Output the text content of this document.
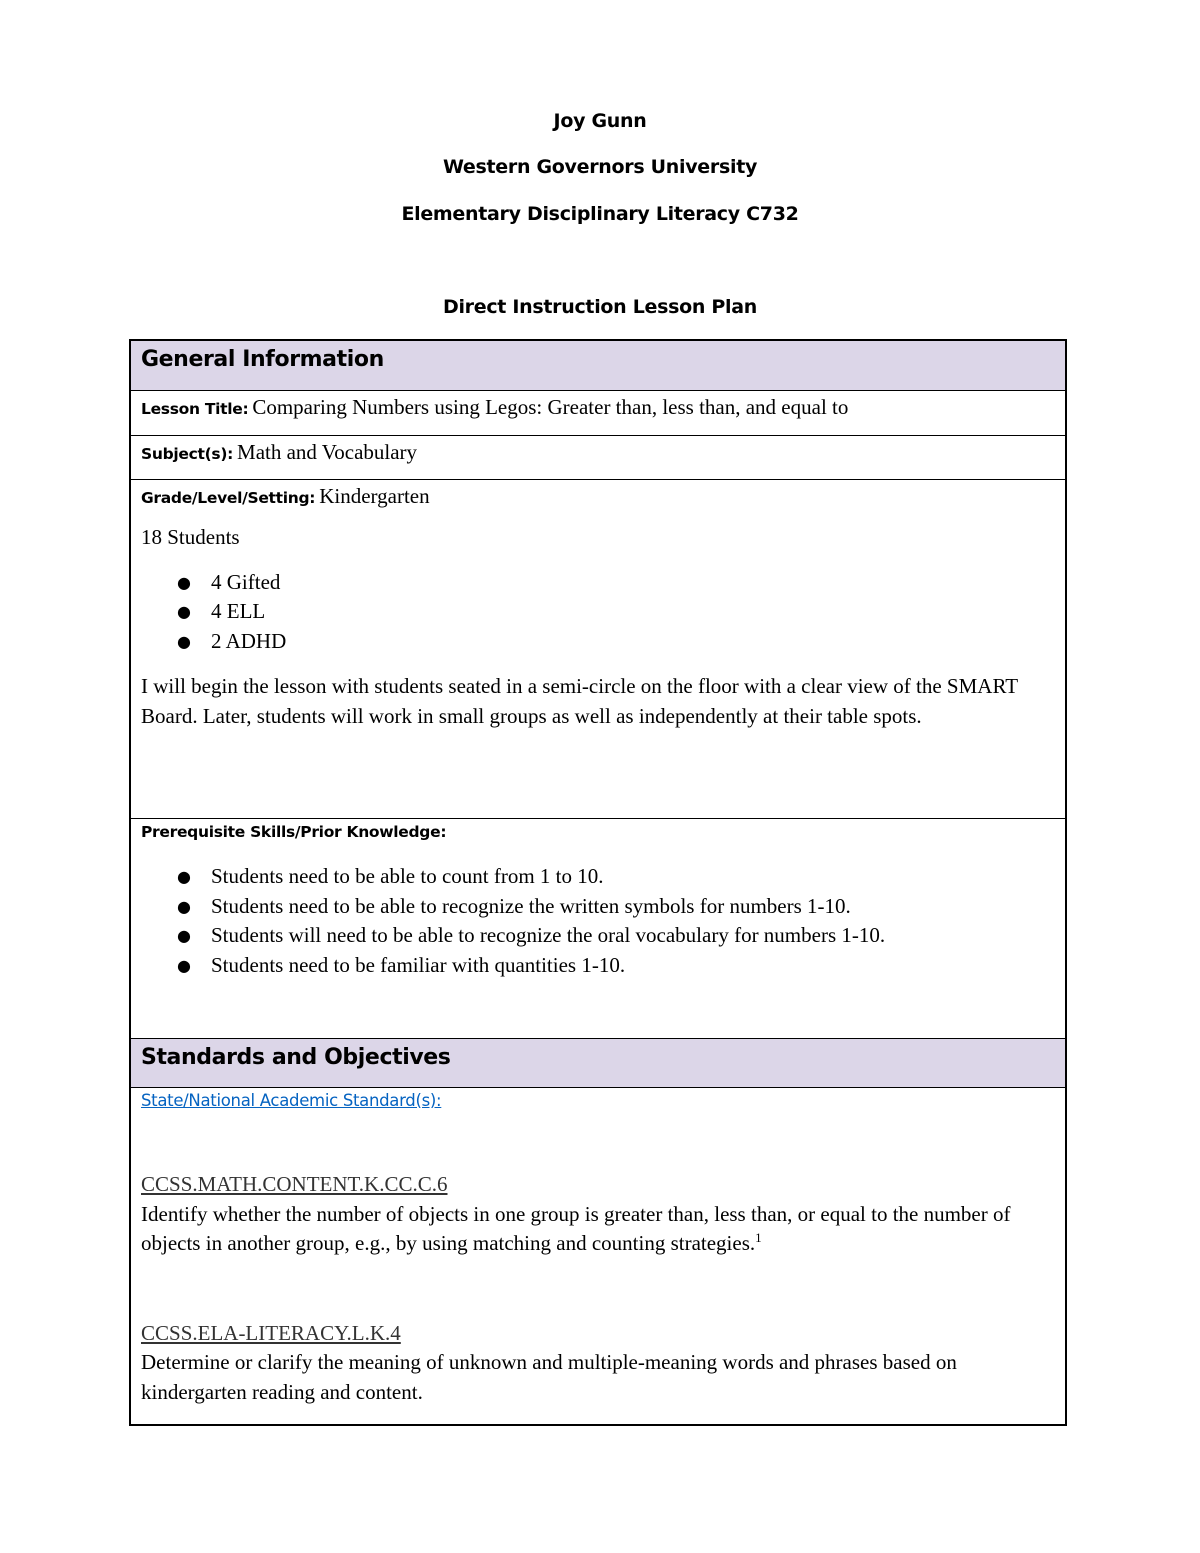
Joy Gunn
Western Governors University
Elementary Disciplinary Literacy C732
Direct Instruction Lesson Plan
General Information
Lesson Title: Comparing Numbers using Legos: Greater than, less than, and equal to
Subject(s): Math and Vocabulary
Grade/Level/Setting: Kindergarten
18 Students
● 4 Gifted
● 4 ELL
● 2 ADHD
I will begin the lesson with students seated in a semi-circle on the floor with a clear view of the SMART Board. Later, students will work in small groups as well as independently at their table spots.
Prerequisite Skills/Prior Knowledge:
● Students need to be able to count from 1 to 10.
● Students need to be able to recognize the written symbols for numbers 1-10.
● Students will need to be able to recognize the oral vocabulary for numbers 1-10.
● Students need to be familiar with quantities 1-10.
Standards and Objectives
State/National Academic Standard(s):
CCSS.MATH.CONTENT.K.CC.C.6
Identify whether the number of objects in one group is greater than, less than, or equal to the number of objects in another group, e.g., by using matching and counting strategies.$^1$
CCSS.ELA-LITERACY.L.K.4
Determine or clarify the meaning of unknown and multiple-meaning words and phrases based on kindergarten reading and content.
